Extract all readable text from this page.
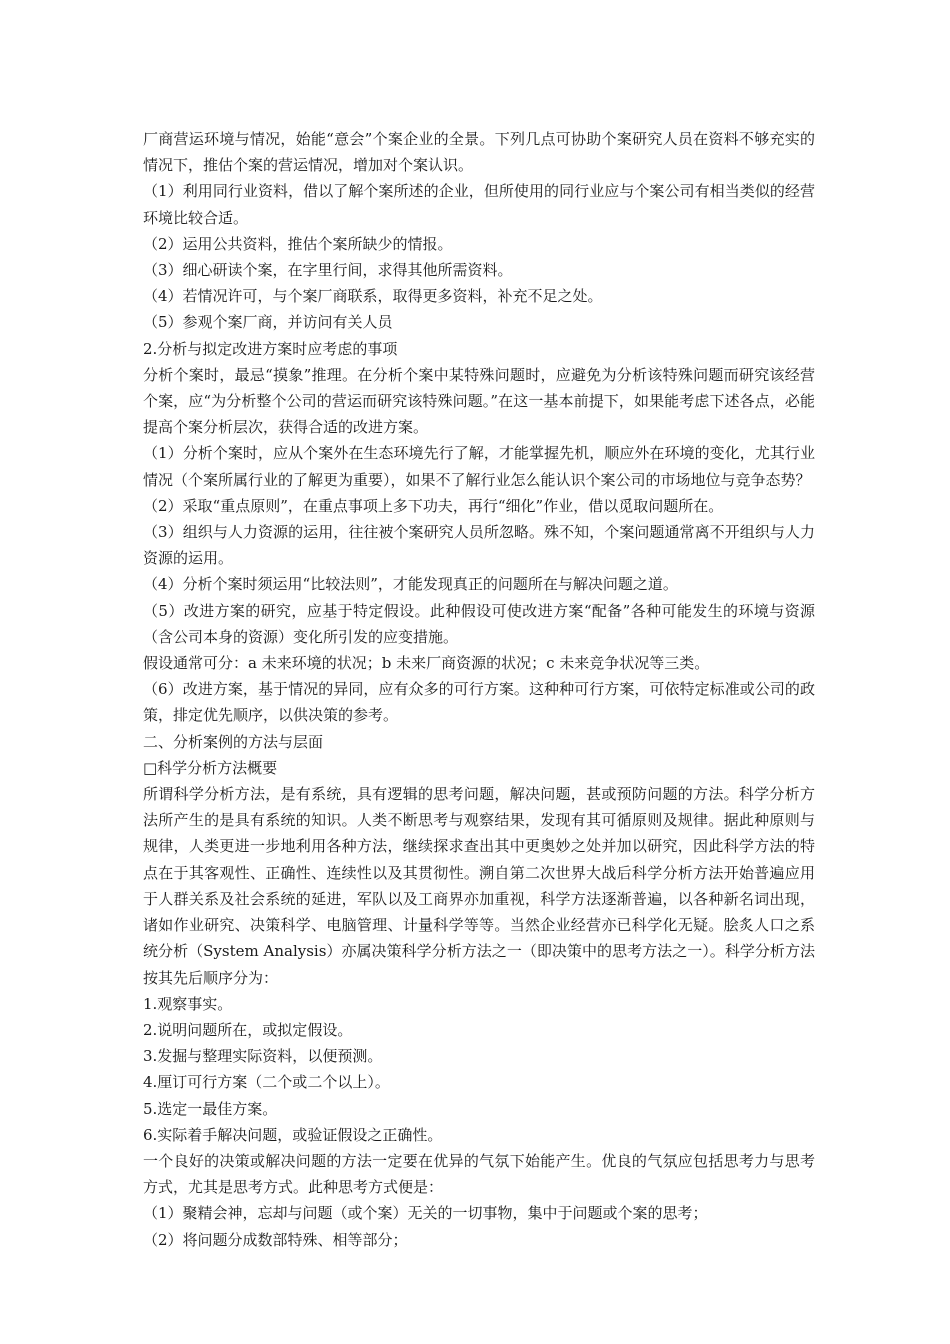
厂商营运环境与情况，始能“意会”个案企业的全景。下列几点可协助个案研究人员在资料不够充实的情况下，推估个案的营运情况，增加对个案认识。

（1）利用同行业资料，借以了解个案所述的企业，但所使用的同行业应与个案公司有相当类似的经营环境比较合适。

（2）运用公共资料，推估个案所缺少的情报。

（3）细心研读个案，在字里行间，求得其他所需资料。

（4）若情况许可，与个案厂商联系，取得更多资料，补充不足之处。

（5）参观个案厂商，并访问有关人员

2.分析与拟定改进方案时应考虑的事项

分析个案时，最忌“摸象”推理。在分析个案中某特殊问题时，应避免为分析该特殊问题而研究该经营个案，应“为分析整个公司的营运而研究该特殊问题。”在这一基本前提下，如果能考虑下述各点，必能提高个案分析层次，获得合适的改进方案。

（1）分析个案时，应从个案外在生态环境先行了解，才能掌握先机，顺应外在环境的变化，尤其行业情况（个案所属行业的了解更为重要），如果不了解行业怎么能认识个案公司的市场地位与竞争态势？

（2）采取“重点原则”，在重点事项上多下功夫，再行“细化”作业，借以觅取问题所在。

（3）组织与人力资源的运用，往往被个案研究人员所忽略。殊不知，个案问题通常离不开组织与人力资源的运用。

（4）分析个案时须运用“比较法则”，才能发现真正的问题所在与解决问题之道。

（5）改进方案的研究，应基于特定假设。此种假设可使改进方案“配备”各种可能发生的环境与资源（含公司本身的资源）变化所引发的应变措施。

假设通常可分：a 未来环境的状况；b 未来厂商资源的状况；c 未来竞争状况等三类。

（6）改进方案，基于情况的异同，应有众多的可行方案。这种种可行方案，可依特定标准或公司的政策，排定优先顺序，以供决策的参考。

二、分析案例的方法与层面

□科学分析方法概要

所谓科学分析方法，是有系统，具有逻辑的思考问题，解决问题，甚或预防问题的方法。科学分析方法所产生的是具有系统的知识。人类不断思考与观察结果，发现有其可循原则及规律。据此种原则与规律，人类更进一步地利用各种方法，继续探求查出其中更奥妙之处并加以研究，因此科学方法的特点在于其客观性、正确性、连续性以及其贯彻性。溯自第二次世界大战后科学分析方法开始普遍应用于人群关系及社会系统的延进，军队以及工商界亦加重视，科学方法逐渐普遍，以各种新名词出现，诸如作业研究、决策科学、电脑管理、计量科学等等。当然企业经营亦已科学化无疑。脍炙人口之系统分析（System Analysis）亦属决策科学分析方法之一（即决策中的思考方法之一）。科学分析方法按其先后顺序分为：

1.观察事实。

2.说明问题所在，或拟定假设。

3.发掘与整理实际资料，以便预测。

4.厘订可行方案（二个或二个以上）。

5.选定一最佳方案。

6.实际着手解决问题，或验证假设之正确性。

一个良好的决策或解决问题的方法一定要在优异的气氛下始能产生。优良的气氛应包括思考力与思考方式，尤其是思考方式。此种思考方式便是：

（1）聚精会神，忘却与问题（或个案）无关的一切事物，集中于问题或个案的思考；

（2）将问题分成数部特殊、相等部分；
